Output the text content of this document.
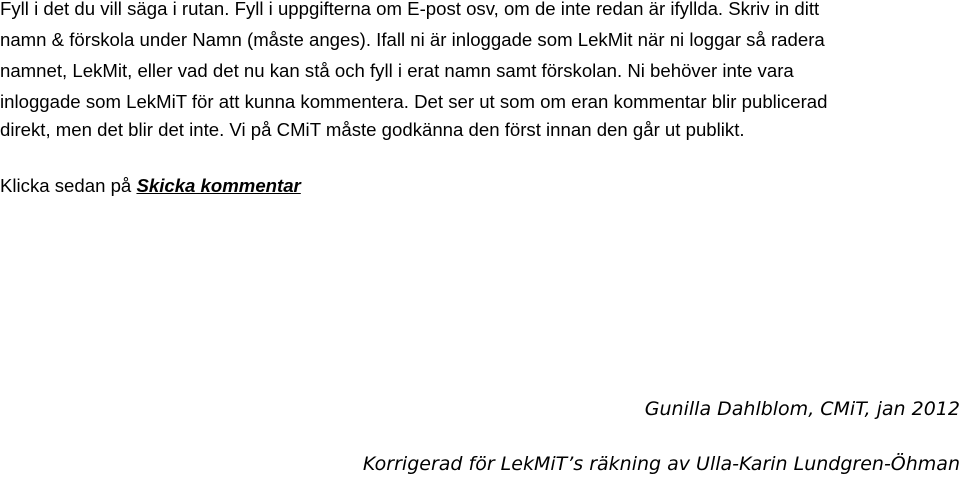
Fyll i det du vill säga i rutan. Fyll i uppgifterna om E-post osv, om de inte redan är ifyllda. Skriv in ditt
namn & förskola under Namn (måste anges). Ifall ni är inloggade som LekMit när ni loggar så radera
namnet, LekMit, eller vad det nu kan stå och fyll i erat namn samt förskolan. Ni behöver inte vara
inloggade som LekMiT för att kunna kommentera. Det ser ut som om eran kommentar blir publicerad
direkt, men det blir det inte. Vi på CMiT måste godkänna den först innan den går ut publikt.
Klicka sedan på Skicka kommentar
Gunilla Dahlblom, CMiT, jan 2012
Korrigerad för LekMiT’s räkning av Ulla-Karin Lundgren-Öhman
